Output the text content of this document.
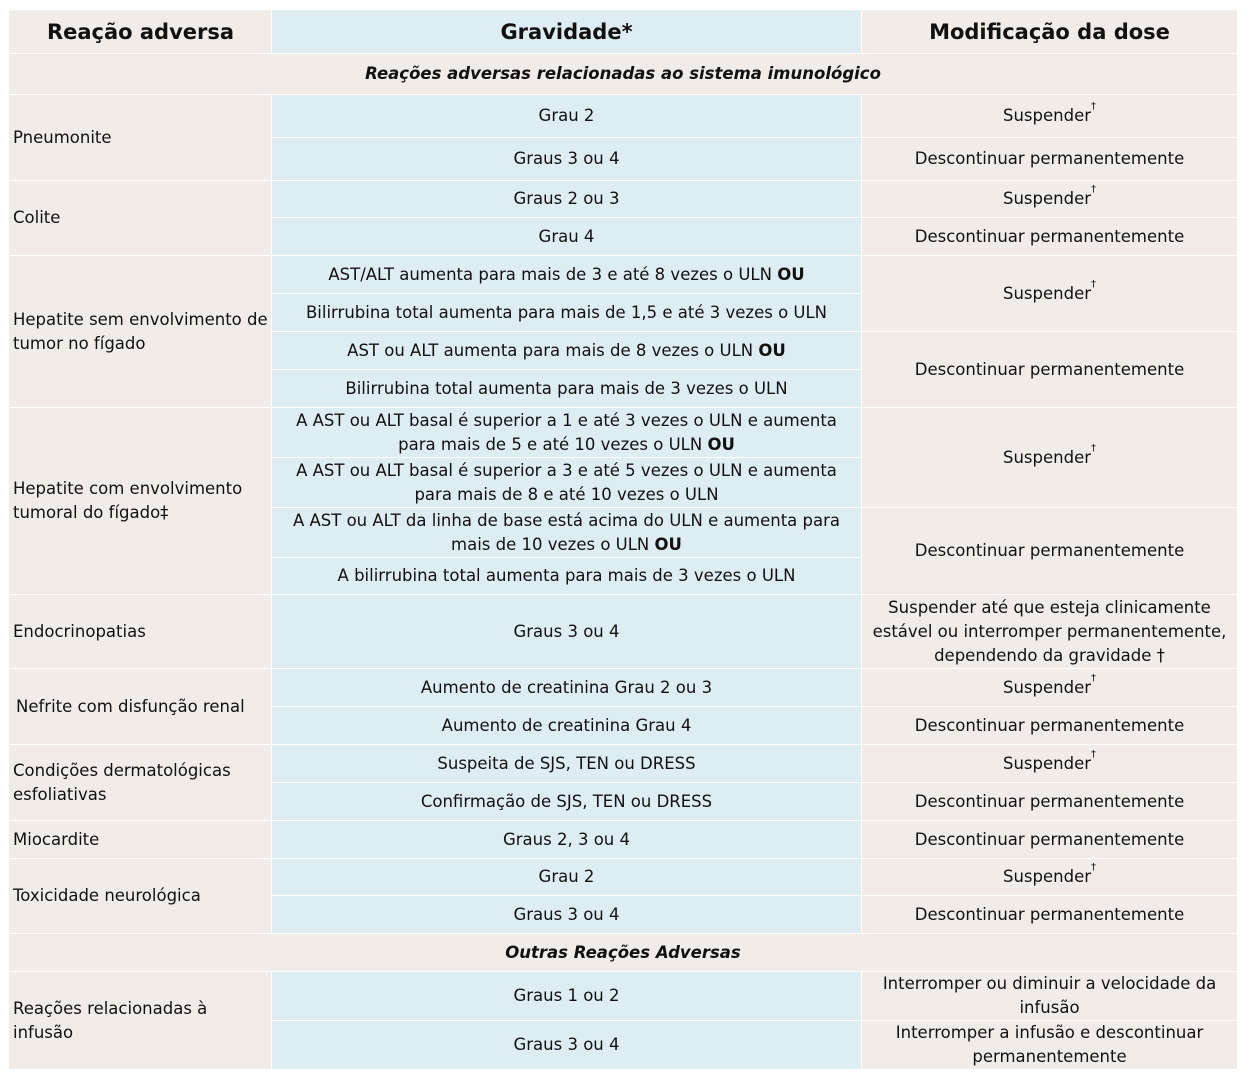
Reação adversa	Gravidade*	Modificação da dose
Reações adversas relacionadas ao sistema imunológico		
Pneumonite	Grau 2	Suspender†
	Graus 3 ou 4	Descontinuar permanentemente
Colite	Graus 2 ou 3	Suspender†
	Grau 4	Descontinuar permanentemente
Hepatite sem envolvimento de tumor no fígado	AST/ALT aumenta para mais de 3 e até 8 vezes o ULN OU	Suspender†
	Bilirrubina total aumenta para mais de 1,5 e até 3 vezes o ULN	
	AST ou ALT aumenta para mais de 8 vezes o ULN OU	Descontinuar permanentemente
	Bilirrubina total aumenta para mais de 3 vezes o ULN	
Hepatite com envolvimento tumoral do fígado‡	A AST ou ALT basal é superior a 1 e até 3 vezes o ULN e aumenta para mais de 5 e até 10 vezes o ULN OU	Suspender†
	A AST ou ALT basal é superior a 3 e até 5 vezes o ULN e aumenta para mais de 8 e até 10 vezes o ULN	
	A AST ou ALT da linha de base está acima do ULN e aumenta para mais de 10 vezes o ULN OU	Descontinuar permanentemente
	A bilirrubina total aumenta para mais de 3 vezes o ULN	
Endocrinopatias	Graus 3 ou 4	Suspender até que esteja clinicamente estável ou interromper permanentemente, dependendo da gravidade †
Nefrite com disfunção renal	Aumento de creatinina Grau 2 ou 3	Suspender†
	Aumento de creatinina Grau 4	Descontinuar permanentemente
Condições dermatológicas esfoliativas	Suspeita de SJS, TEN ou DRESS	Suspender†
	Confirmação de SJS, TEN ou DRESS	Descontinuar permanentemente
Miocardite	Graus 2, 3 ou 4	Descontinuar permanentemente
Toxicidade neurológica	Grau 2	Suspender†
	Graus 3 ou 4	Descontinuar permanentemente
Outras Reações Adversas		
Reações relacionadas à infusão	Graus 1 ou 2	Interromper ou diminuir a velocidade da infusão
	Graus 3 ou 4	Interromper a infusão e descontinuar permanentemente
